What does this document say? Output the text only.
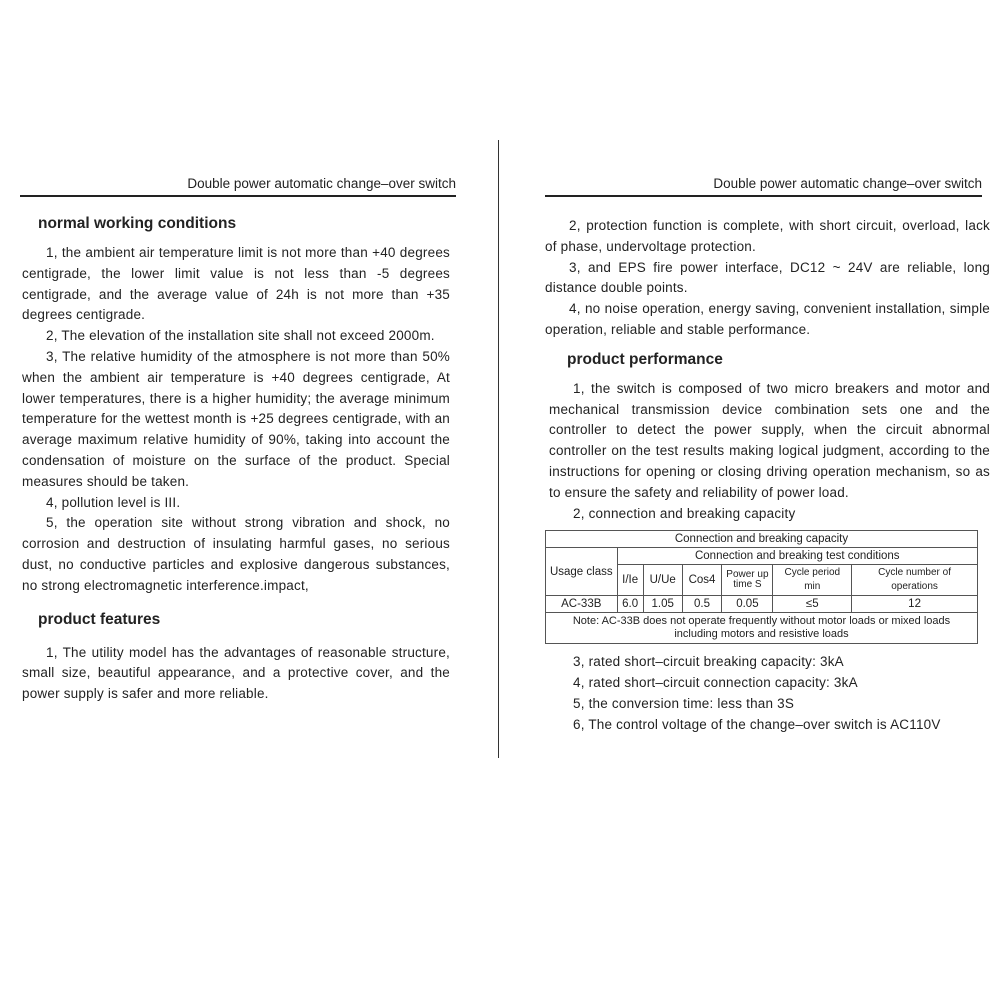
Double power automatic change–over switch
normal working conditions

1, the ambient air temperature limit is not more than +40 degrees centigrade, the lower limit value is not less than -5 degrees centigrade, and the average value of 24h is not more than +35 degrees centigrade.

2, The elevation of the installation site shall not exceed 2000m.

3, The relative humidity of the atmosphere is not more than 50% when the ambient air temperature is +40 degrees centigrade, At lower temperatures, there is a higher humidity; the average minimum temperature for the wettest month is +25 degrees centigrade, with an average maximum relative humidity of 90%, taking into account the condensation of moisture on the surface of the product. Special measures should be taken.

4, pollution level is III.

5, the operation site without strong vibration and shock, no corrosion and destruction of insulating harmful gases, no serious dust, no conductive particles and explosive dangerous substances, no strong electromagnetic interference.impact,

product features

1, The utility model has the advantages of reasonable structure, small size, beautiful appearance, and a protective cover, and the power supply is safer and more reliable.

Double power automatic change–over switch

2, protection function is complete, with short circuit, overload, lack of phase, undervoltage protection.

3, and EPS fire power interface, DC12 ~ 24V are reliable, long distance double points.

4, no noise operation, energy saving, convenient installation, simple operation, reliable and stable performance.

product performance

1, the switch is composed of two micro breakers and motor and mechanical transmission device combination sets one and the controller to detect the power supply, when the circuit abnormal controller on the test results making logical judgment, according to the instructions for opening or closing driving operation mechanism, so as to ensure the safety and reliability of power load.

2, connection and breaking capacity

Connection and breaking capacity						
Usage class	Connection and breaking test conditions					
	I/Ie	U/Ue	Cos4	Power up time S	Cycle period min	Cycle number of operations
AC-33B	6.0	1.05	0.5	0.05	≤5	12
Note: AC-33B does not operate frequently without motor loads or mixed loads including motors and resistive loads						

3, rated short–circuit breaking capacity: 3kA

4, rated short–circuit connection capacity: 3kA

5, the conversion time: less than 3S

6, The control voltage of the change–over switch is AC110V
